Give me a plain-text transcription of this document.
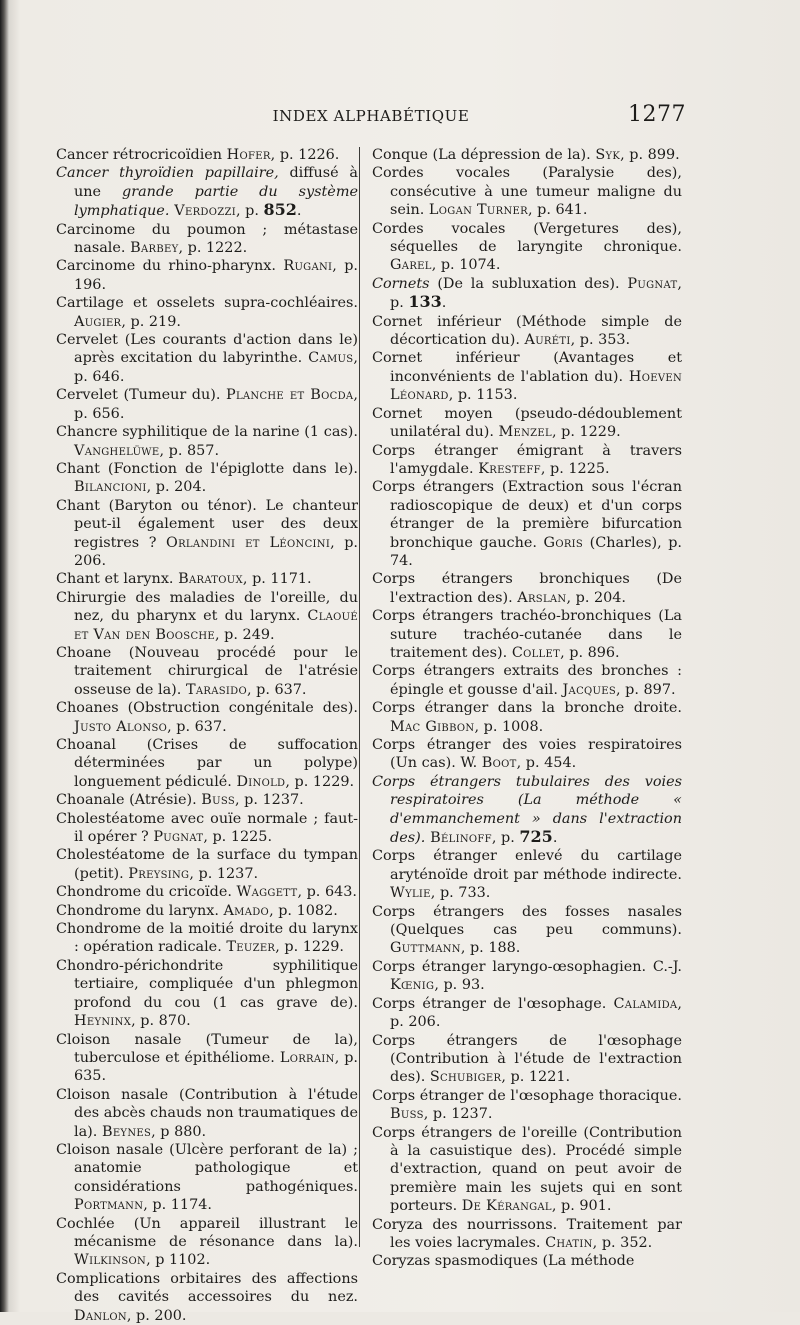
INDEX ALPHABÉTIQUE	1277

Cancer rétrocricoïdien Hofer, p. 1226.

Cancer thyroïdien papillaire, diffusé à une grande partie du système lymphatique. Verdozzi, p. 852.

Carcinome du poumon ; métastase nasale. Barbey, p. 1222.

Carcinome du rhino-pharynx. Rugani, p. 196.

Cartilage et osselets supra-cochléaires. Augier, p. 219.

Cervelet (Les courants d'action dans le) après excitation du labyrinthe. Camus, p. 646.

Cervelet (Tumeur du). Planche et Bocda, p. 656.

Chancre syphilitique de la narine (1 cas). Vanghelüwe, p. 857.

Chant (Fonction de l'épiglotte dans le). Bilancioni, p. 204.

Chant (Baryton ou ténor). Le chanteur peut-il également user des deux registres ? Orlandini et Léoncini, p. 206.

Chant et larynx. Baratoux, p. 1171.

Chirurgie des maladies de l'oreille, du nez, du pharynx et du larynx. Claoué et Van den Boosche, p. 249.

Choane (Nouveau procédé pour le traitement chirurgical de l'atrésie osseuse de la). Tarasido, p. 637.

Choanes (Obstruction congénitale des). Justo Alonso, p. 637.

Choanal (Crises de suffocation déterminées par un polype) longuement pédiculé. Dinold, p. 1229.

Choanale (Atrésie). Buss, p. 1237.

Cholestéatome avec ouïe normale ; faut-il opérer ? Pugnat, p. 1225.

Cholestéatome de la surface du tympan (petit). Preysing, p. 1237.

Chondrome du cricoïde. Waggett, p. 643.

Chondrome du larynx. Amado, p. 1082.

Chondrome de la moitié droite du larynx : opération radicale. Teuzer, p. 1229.

Chondro-périchondrite syphilitique tertiaire, compliquée d'un phlegmon profond du cou (1 cas grave de). Heyninx, p. 870.

Cloison nasale (Tumeur de la), tuberculose et épithéliome. Lorrain, p. 635.

Cloison nasale (Contribution à l'étude des abcès chauds non traumatiques de la). Beynes, p 880.

Cloison nasale (Ulcère perforant de la) ; anatomie pathologique et considérations pathogéniques. Portmann, p. 1174.

Cochlée (Un appareil illustrant le mécanisme de résonance dans la). Wilkinson, p 1102.

Complications orbitaires des affections des cavités accessoires du nez. Danlon, p. 200.

Conque (La dépression de la). Syk, p. 899.

Cordes vocales (Paralysie des), consécutive à une tumeur maligne du sein. Logan Turner, p. 641.

Cordes vocales (Vergetures des), séquelles de laryngite chronique. Garel, p. 1074.

Cornets (De la subluxation des). Pugnat, p. 133.

Cornet inférieur (Méthode simple de décortication du). Auréti, p. 353.

Cornet inférieur (Avantages et inconvénients de l'ablation du). Hoeven Léonard, p. 1153.

Cornet moyen (pseudo-dédoublement unilatéral du). Menzel, p. 1229.

Corps étranger émigrant à travers l'amygdale. Kresteff, p. 1225.

Corps étrangers (Extraction sous l'écran radioscopique de deux) et d'un corps étranger de la première bifurcation bronchique gauche. Goris (Charles), p. 74.

Corps étrangers bronchiques (De l'extraction des). Arslan, p. 204.

Corps étrangers trachéo-bronchiques (La suture trachéo-cutanée dans le traitement des). Collet, p. 896.

Corps étrangers extraits des bronches : épingle et gousse d'ail. Jacques, p. 897.

Corps étranger dans la bronche droite. Mac Gibbon, p. 1008.

Corps étranger des voies respiratoires (Un cas). W. Boot, p. 454.

Corps étrangers tubulaires des voies respiratoires (La méthode « d'emmanchement » dans l'extraction des). Bélinoff, p. 725.

Corps étranger enlevé du cartilage aryténoïde droit par méthode indirecte. Wylie, p. 733.

Corps étrangers des fosses nasales (Quelques cas peu communs). Guttmann, p. 188.

Corps étranger laryngo-œsophagien. C.-J. Kœnig, p. 93.

Corps étranger de l'œsophage. Calamida, p. 206.

Corps étrangers de l'œsophage (Contribution à l'étude de l'extraction des). Schubiger, p. 1221.

Corps étranger de l'œsophage thoracique. Buss, p. 1237.

Corps étrangers de l'oreille (Contribution à la casuistique des). Procédé simple d'extraction, quand on peut avoir de première main les sujets qui en sont porteurs. De Kérangal, p. 901.

Coryza des nourrissons. Traitement par les voies lacrymales. Chatin, p. 352.

Coryzas spasmodiques (La méthode
